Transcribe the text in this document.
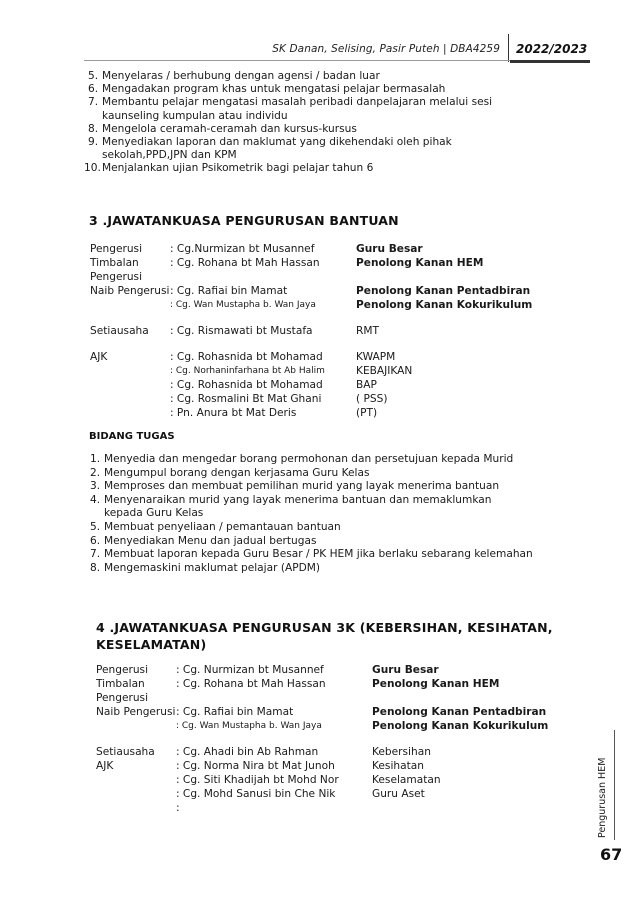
SK Danan, Selising, Pasir Puteh | DBA4259 2022/2023
5. Menyelaras / berhubung dengan agensi / badan luar
6. Mengadakan program khas untuk mengatasi pelajar bermasalah
7. Membantu pelajar mengatasi masalah peribadi danpelajaran melalui sesi
kaunseling kumpulan atau individu
8. Mengelola ceramah-ceramah dan kursus-kursus
9. Menyediakan laporan dan maklumat yang dikehendaki oleh pihak
sekolah,PPD,JPN dan KPM
10. Menjalankan ujian Psikometrik bagi pelajar tahun 6
3 .JAWATANKUASA PENGURUSAN BANTUAN
Pengerusi	: Cg.Nurmizan bt Musannef	Guru Besar
Timbalan	: Cg. Rohana bt Mah Hassan	Penolong Kanan HEM
Pengerusi
Naib Pengerusi : Cg. Rafiai bin Mamat	Penolong Kanan Pentadbiran
: Cg. Wan Mustapha b. Wan Jaya	Penolong Kanan Kokurikulum
Setiausaha : Cg. Rismawati bt Mustafa	RMT
AJK	: Cg. Rohasnida bt Mohamad	KWAPM
: Cg. Norhaninfarhana bt Ab Halim	KEBAJIKAN
: Cg. Rohasnida bt Mohamad	BAP
: Cg. Rosmalini Bt Mat Ghani	( PSS)
: Pn. Anura bt Mat Deris	(PT)
BIDANG TUGAS
1. Menyedia dan mengedar borang permohonan dan persetujuan kepada Murid
2. Mengumpul borang dengan kerjasama Guru Kelas
3. Memproses dan membuat pemilihan murid yang layak menerima bantuan
4. Menyenaraikan murid yang layak menerima bantuan dan memaklumkan
kepada Guru Kelas
5. Membuat penyeliaan / pemantauan bantuan
6. Menyediakan Menu dan jadual bertugas
7. Membuat laporan kepada Guru Besar / PK HEM jika berlaku sebarang kelemahan
8. Mengemaskini maklumat pelajar (APDM)
4 .JAWATANKUASA PENGURUSAN 3K (KEBERSIHAN, KESIHATAN,
KESELAMATAN)
Pengerusi	: Cg. Nurmizan bt Musannef	Guru Besar
Timbalan	: Cg. Rohana bt Mah Hassan	Penolong Kanan HEM
Pengerusi
Naib Pengerusi : Cg. Rafiai bin Mamat	Penolong Kanan Pentadbiran
: Cg. Wan Mustapha b. Wan Jaya	Penolong Kanan Kokurikulum
Setiausaha : Cg. Ahadi bin Ab Rahman	Kebersihan
AJK	: Cg. Norma Nira bt Mat Junoh	Kesihatan
: Cg. Siti Khadijah bt Mohd Nor	Keselamatan
: Cg. Mohd Sanusi bin Che Nik	Guru Aset
:	Pengurusan HEM
67
